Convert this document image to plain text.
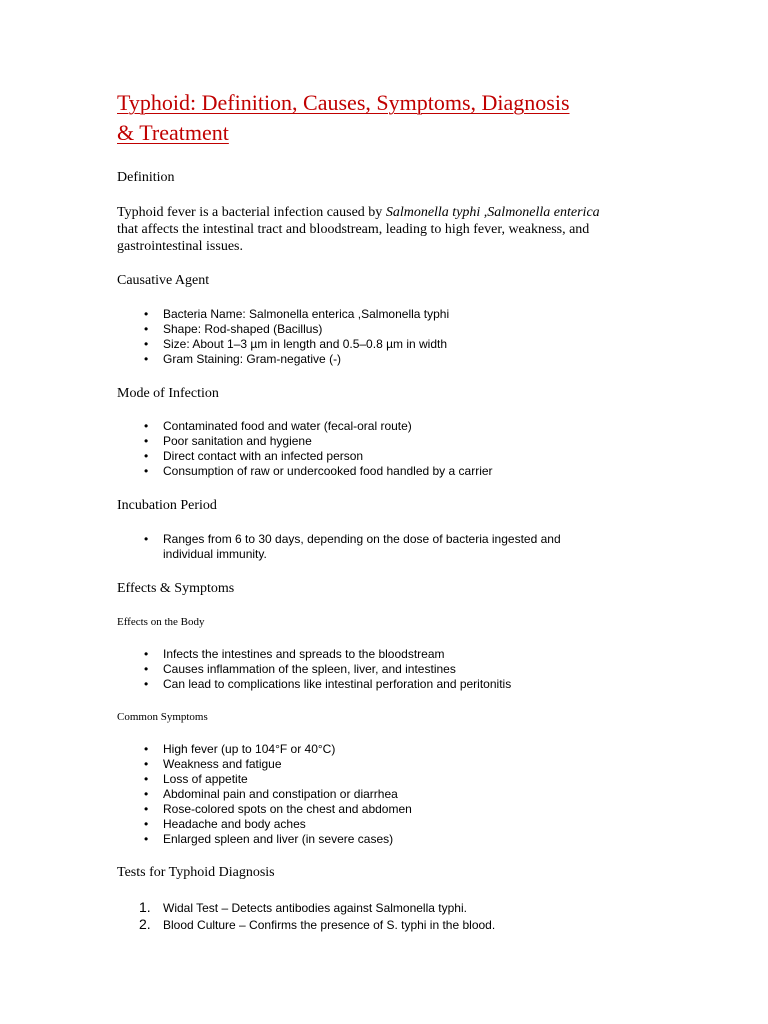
Typhoid: Definition, Causes, Symptoms, Diagnosis
& Treatment
Definition

Typhoid fever is a bacterial infection caused by Salmonella typhi ,Salmonella enterica that affects the intestinal tract and bloodstream, leading to high fever, weakness, and gastrointestinal issues.

Causative Agent
• Bacteria Name: Salmonella enterica ,Salmonella typhi
• Shape: Rod-shaped (Bacillus)
• Size: About 1–3 µm in length and 0.5–0.8 µm in width
• Gram Staining: Gram-negative (-)
Mode of Infection
• Contaminated food and water (fecal-oral route)
• Poor sanitation and hygiene
• Direct contact with an infected person
• Consumption of raw or undercooked food handled by a carrier
Incubation Period
• Ranges from 6 to 30 days, depending on the dose of bacteria ingested and individual immunity.
Effects & Symptoms
Effects on the Body
• Infects the intestines and spreads to the bloodstream
• Causes inflammation of the spleen, liver, and intestines
• Can lead to complications like intestinal perforation and peritonitis
Common Symptoms
• High fever (up to 104°F or 40°C)
• Weakness and fatigue
• Loss of appetite
• Abdominal pain and constipation or diarrhea
• Rose-colored spots on the chest and abdomen
• Headache and body aches
• Enlarged spleen and liver (in severe cases)
Tests for Typhoid Diagnosis
1. Widal Test – Detects antibodies against Salmonella typhi.
2. Blood Culture – Confirms the presence of S. typhi in the blood.
